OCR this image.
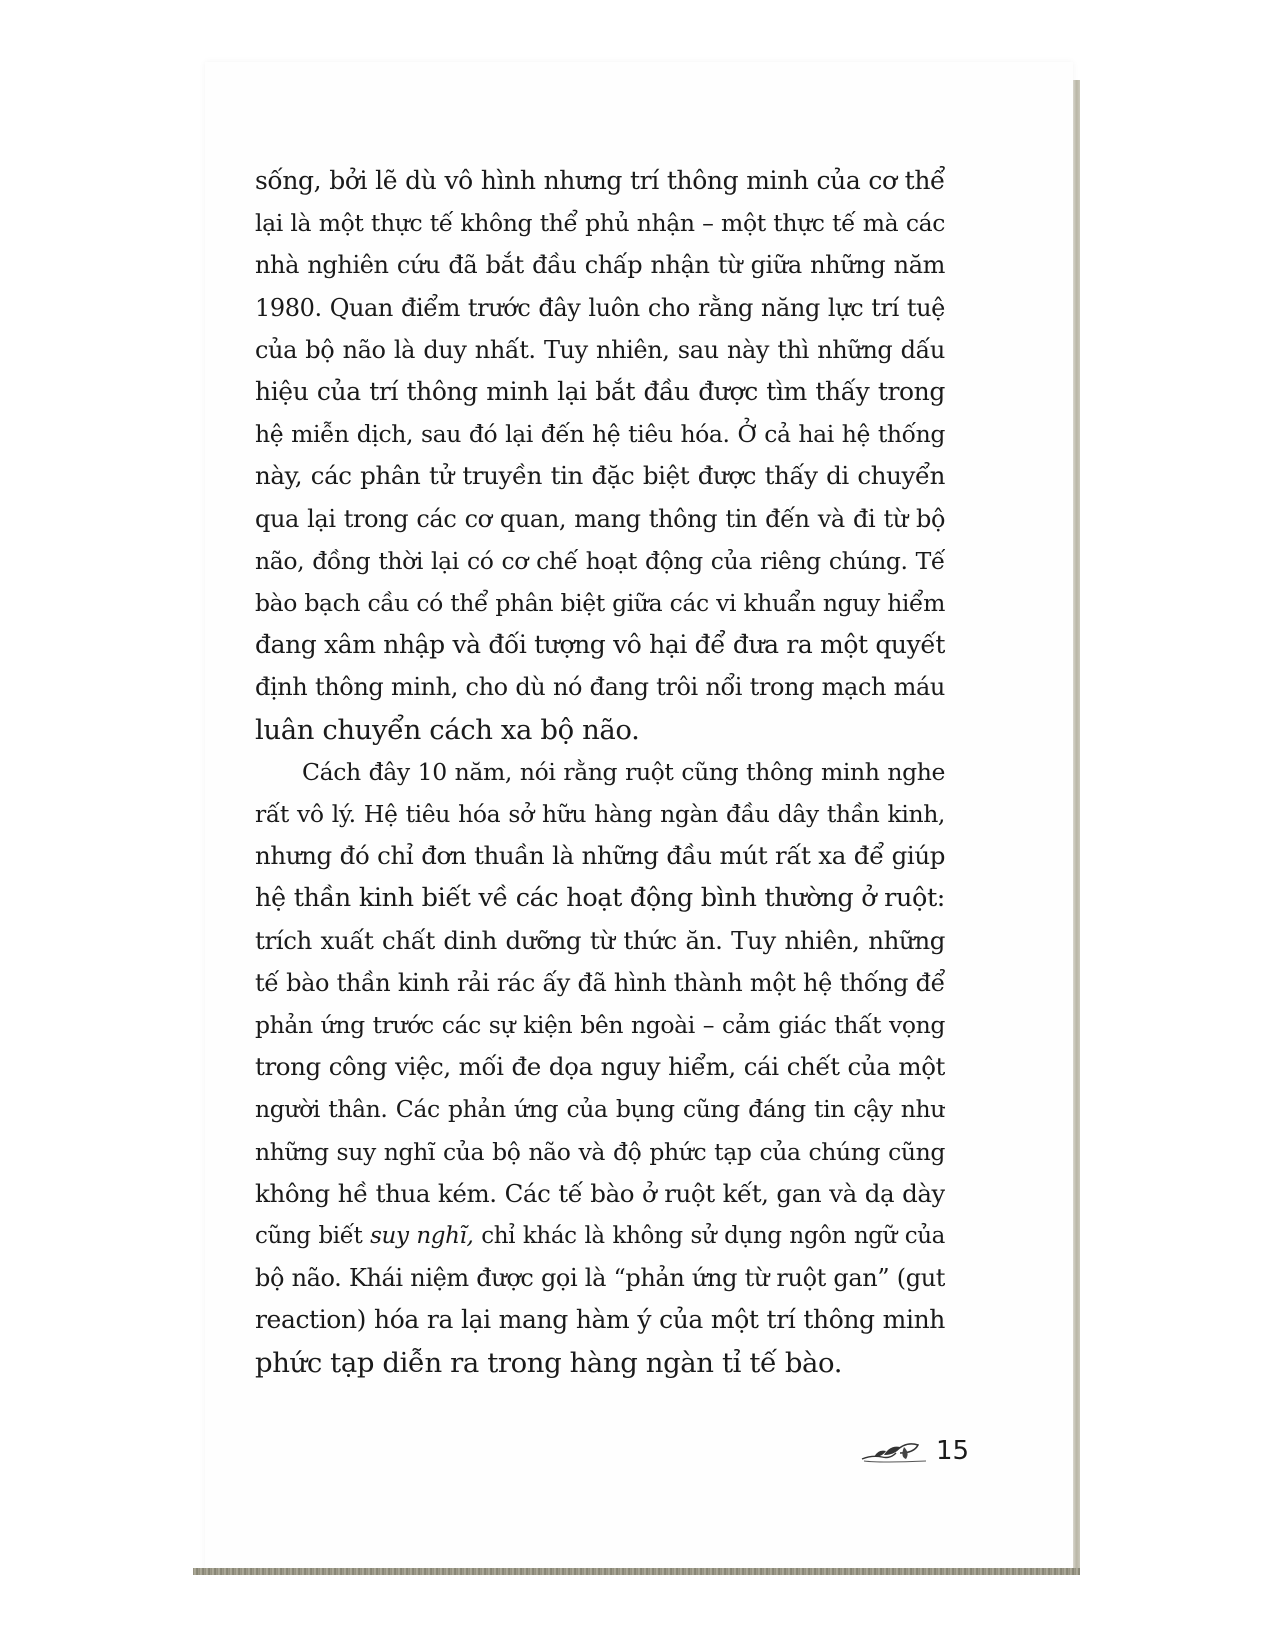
sống, bởi lẽ dù vô hình nhưng trí thông minh của cơ thể
lại là một thực tế không thể phủ nhận – một thực tế mà các
nhà nghiên cứu đã bắt đầu chấp nhận từ giữa những năm
1980. Quan điểm trước đây luôn cho rằng năng lực trí tuệ
của bộ não là duy nhất. Tuy nhiên, sau này thì những dấu
hiệu của trí thông minh lại bắt đầu được tìm thấy trong
hệ miễn dịch, sau đó lại đến hệ tiêu hóa. Ở cả hai hệ thống
này, các phân tử truyền tin đặc biệt được thấy di chuyển
qua lại trong các cơ quan, mang thông tin đến và đi từ bộ
não, đồng thời lại có cơ chế hoạt động của riêng chúng. Tế
bào bạch cầu có thể phân biệt giữa các vi khuẩn nguy hiểm
đang xâm nhập và đối tượng vô hại để đưa ra một quyết
định thông minh, cho dù nó đang trôi nổi trong mạch máu
luân chuyển cách xa bộ não.
Cách đây 10 năm, nói rằng ruột cũng thông minh nghe
rất vô lý. Hệ tiêu hóa sở hữu hàng ngàn đầu dây thần kinh,
nhưng đó chỉ đơn thuần là những đầu mút rất xa để giúp
hệ thần kinh biết về các hoạt động bình thường ở ruột:
trích xuất chất dinh dưỡng từ thức ăn. Tuy nhiên, những
tế bào thần kinh rải rác ấy đã hình thành một hệ thống để
phản ứng trước các sự kiện bên ngoài – cảm giác thất vọng
trong công việc, mối đe dọa nguy hiểm, cái chết của một
người thân. Các phản ứng của bụng cũng đáng tin cậy như
những suy nghĩ của bộ não và độ phức tạp của chúng cũng
không hề thua kém. Các tế bào ở ruột kết, gan và dạ dày
cũng biết suy nghĩ, chỉ khác là không sử dụng ngôn ngữ của
bộ não. Khái niệm được gọi là “phản ứng từ ruột gan” (gut
reaction) hóa ra lại mang hàm ý của một trí thông minh
phức tạp diễn ra trong hàng ngàn tỉ tế bào.
15
